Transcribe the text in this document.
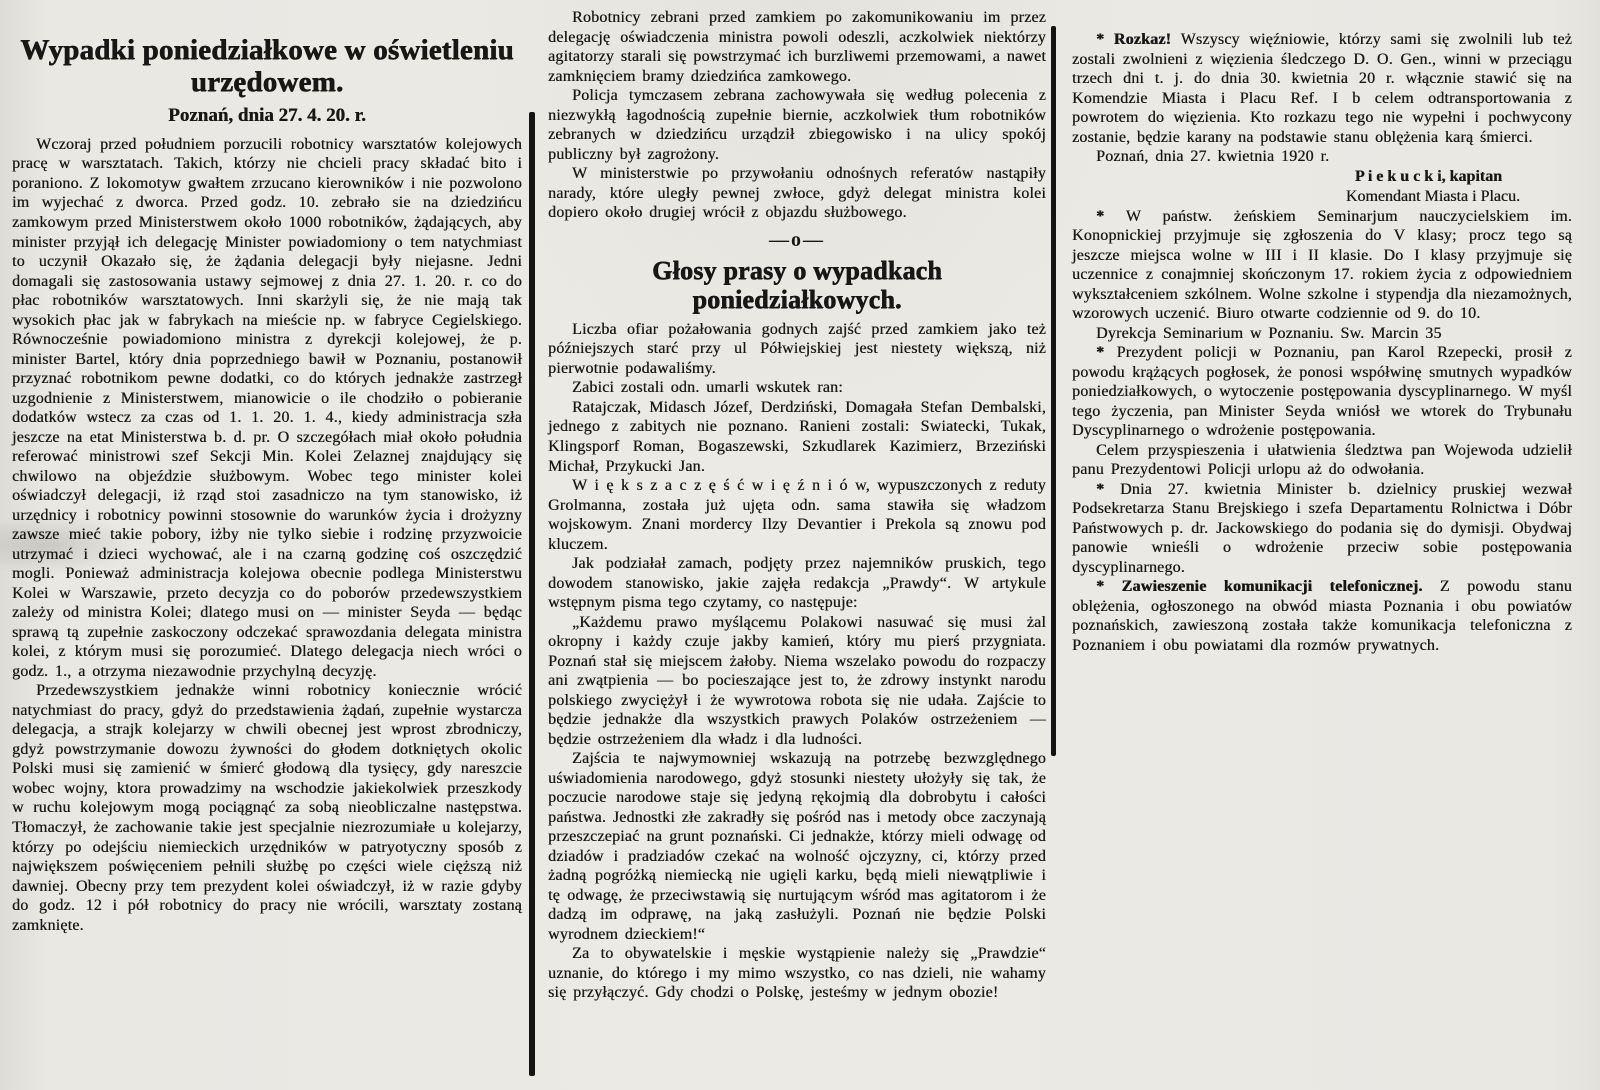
Wypadki poniedziałkowe w oświetleniu urzędowem.
Poznań, dnia 27. 4. 20. r.

Wczoraj przed południem porzucili robotnicy warsztatów kolejowych pracę w warsztatach. Takich, którzy nie chcieli pracy składać bito i poraniono. Z lokomotyw gwałtem zrzucano kierowników i nie pozwolono im wyjechać z dworca. Przed godz. 10. zebrało sie na dziedzińcu zamkowym przed Ministerstwem około 1000 robotników, żądających, aby minister przyjął ich delegację Minister powiadomiony o tem natychmiast to uczynił Okazało się, że żądania delegacji były niejasne. Jedni domagali się zastosowania ustawy sejmowej z dnia 27. 1. 20. r. co do płac robotników warsztatowych. Inni skarżyli się, że nie mają tak wysokich płac jak w fabrykach na mieście np. w fabryce Cegielskiego. Równocześnie powiadomiono ministra z dyrekcji kolejowej, że p. minister Bartel, który dnia poprzedniego bawił w Poznaniu, postanowił przyznać robotnikom pewne dodatki, co do których jednakże zastrzegł uzgodnienie z Ministerstwem, mianowicie o ile chodziło o pobieranie dodatków wstecz za czas od 1. 1. 20. 1. 4., kiedy administracja szła jeszcze na etat Ministerstwa b. d. pr. O szczegółach miał około południa referować ministrowi szef Sekcji Min. Kolei Zelaznej znajdujący się chwilowo na objeździe służbowym. Wobec tego minister kolei oświadczył delegacji, iż rząd stoi zasadniczo na tym stanowisko, iż urzędnicy i robotnicy powinni stosownie do warunków życia i drożyzny zawsze mieć takie pobory, iżby nie tylko siebie i rodzinę przyzwoicie utrzymać i dzieci wychować, ale i na czarną godzinę coś oszczędzić mogli. Ponieważ administracja kolejowa obecnie podlega Ministerstwu Kolei w Warszawie, przeto decyzja co do poborów przedewszystkiem zależy od ministra Kolei; dlatego musi on — minister Seyda — będąc sprawą tą zupełnie zaskoczony odczekać sprawozdania delegata ministra kolei, z którym musi się porozumieć. Dlatego delegacja niech wróci o godz. 1., a otrzyma niezawodnie przychylną decyzję.

Przedewszystkiem jednakże winni robotnicy koniecznie wrócić natychmiast do pracy, gdyż do przedstawienia żądań, zupełnie wystarcza delegacja, a strajk kolejarzy w chwili obecnej jest wprost zbrodniczy, gdyż powstrzymanie dowozu żywności do głodem dotkniętych okolic Polski musi się zamienić w śmierć głodową dla tysięcy, gdy nareszcie wobec wojny, ktora prowadzimy na wschodzie jakiekolwiek przeszkody w ruchu kolejowym mogą pociągnąć za sobą nieobliczalne następstwa. Tłomaczył, że zachowanie takie jest specjalnie niezrozumiałe u kolejarzy, którzy po odejściu niemieckich urzędników w patryotyczny sposób z największem poświęceniem pełnili służbę po części wiele cięższą niż dawniej. Obecny przy tem prezydent kolei oświadczył, iż w razie gdyby do godz. 12 i pół robotnicy do pracy nie wrócili, warsztaty zostaną zamknięte.

Robotnicy zebrani przed zamkiem po zakomunikowaniu im przez delegację oświadczenia ministra powoli odeszli, aczkolwiek niektórzy agitatorzy starali się powstrzymać ich burzliwemi przemowami, a nawet zamknięciem bramy dziedzińca zamkowego.

Policja tymczasem zebrana zachowywała się według polecenia z niezwykłą łagodnością zupełnie biernie, aczkolwiek tłum robotników zebranych w dziedzińcu urządził zbiegowisko i na ulicy spokój publiczny był zagrożony.

W ministerstwie po przywołaniu odnośnych referatów nastąpiły narady, które uległy pewnej zwłoce, gdyż delegat ministra kolei dopiero około drugiej wrócił z objazdu służbowego.

—o—
Głosy prasy o wypadkach poniedziałkowych.

Liczba ofiar pożałowania godnych zajść przed zamkiem jako też późniejszych starć przy ul Półwiejskiej jest niestety większą, niż pierwotnie podawaliśmy.

Zabici zostali odn. umarli wskutek ran:

Ratajczak, Midasch Józef, Derdziński, Domagała Stefan Dembalski, jednego z zabitych nie poznano. Ranieni zostali: Swiatecki, Tukak, Klingsporf Roman, Bogaszewski, Szkudlarek Kazimierz, Brzeziński Michał, Przykucki Jan.

W i ę k s z a c z ę ś ć w i ę ź n i ó w, wypuszczonych z reduty Grolmanna, została już ujęta odn. sama stawiła się władzom wojskowym. Znani mordercy Ilzy Devantier i Prekola są znowu pod kluczem.

Jak podziałał zamach, podjęty przez najemników pruskich, tego dowodem stanowisko, jakie zajęła redakcja „Prawdy“. W artykule wstępnym pisma tego czytamy, co następuje:

„Każdemu prawo myślącemu Polakowi nasuwać się musi żal okropny i każdy czuje jakby kamień, który mu pierś przygniata. Poznań stał się miejscem żałoby. Niema wszelako powodu do rozpaczy ani zwątpienia — bo pocieszające jest to, że zdrowy instynkt narodu polskiego zwyciężył i że wywrotowa robota się nie udała. Zajście to będzie jednakże dla wszystkich prawych Polaków ostrzeżeniem — będzie ostrzeżeniem dla władz i dla ludności.

Zajścia te najwymowniej wskazują na potrzebę bezwzględnego uświadomienia narodowego, gdyż stosunki niestety ułożyły się tak, że poczucie narodowe staje się jedyną rękojmią dla dobrobytu i całości państwa. Jednostki złe zakradły się pośród nas i metody obce zaczynają przeszczepiać na grunt poznański. Ci jednakże, którzy mieli odwagę od dziadów i pradziadów czekać na wolność ojczyzny, ci, którzy przed żadną pogróżką niemiecką nie ugięli karku, będą mieli niewątpliwie i tę odwagę, że przeciwstawią się nurtującym wśród mas agitatorom i że dadzą im odprawę, na jaką zasłużyli. Poznań nie będzie Polski wyrodnem dzieckiem!“

Za to obywatelskie i męskie wystąpienie należy się „Prawdzie“ uznanie, do którego i my mimo wszystko, co nas dzieli, nie wahamy się przyłączyć. Gdy chodzi o Polskę, jesteśmy w jednym obozie!

* Rozkaz! Wszyscy więźniowie, którzy sami się zwolnili lub też zostali zwolnieni z więzienia śledczego D. O. Gen., winni w przeciągu trzech dni t. j. do dnia 30. kwietnia 20 r. włącznie stawić się na Komendzie Miasta i Placu Ref. I b celem odtransportowania z powrotem do więzienia. Kto rozkazu tego nie wypełni i pochwycony zostanie, będzie karany na podstawie stanu oblężenia karą śmierci.

Poznań, dnia 27. kwietnia 1920 r.

P i e k u c k i, kapitan

Komendant Miasta i Placu.

* W państw. żeńskiem Seminarjum nauczycielskiem im. Konopnickiej przyjmuje się zgłoszenia do V klasy; procz tego są jeszcze miejsca wolne w III i II klasie. Do I klasy przyjmuje się uczennice z conajmniej skończonym 17. rokiem życia z odpowiedniem wykształceniem szkólnem. Wolne szkolne i stypendja dla niezamożnych, wzorowych uczenić. Biuro otwarte codziennie od 9. do 10.

Dyrekcja Seminarium w Poznaniu. Sw. Marcin 35

* Prezydent policji w Poznaniu, pan Karol Rzepecki, prosił z powodu krążących pogłosek, że ponosi współwinę smutnych wypadków poniedziałkowych, o wytoczenie postępowania dyscyplinarnego. W myśl tego życzenia, pan Minister Seyda wniósł we wtorek do Trybunału Dyscyplinarnego o wdrożenie postępowania.

Celem przyspieszenia i ułatwienia śledztwa pan Wojewoda udzielił panu Prezydentowi Policji urlopu aż do odwołania.

* Dnia 27. kwietnia Minister b. dzielnicy pruskiej wezwał Podsekretarza Stanu Brejskiego i szefa Departamentu Rolnictwa i Dóbr Państwowych p. dr. Jackowskiego do podania się do dymisji. Obydwaj panowie wnieśli o wdrożenie przeciw sobie postępowania dyscyplinarnego.

* Zawieszenie komunikacji telefonicznej. Z powodu stanu oblężenia, ogłoszonego na obwód miasta Poznania i obu powiatów poznańskich, zawieszoną została także komunikacja telefoniczna z Poznaniem i obu powiatami dla rozmów prywatnych.
